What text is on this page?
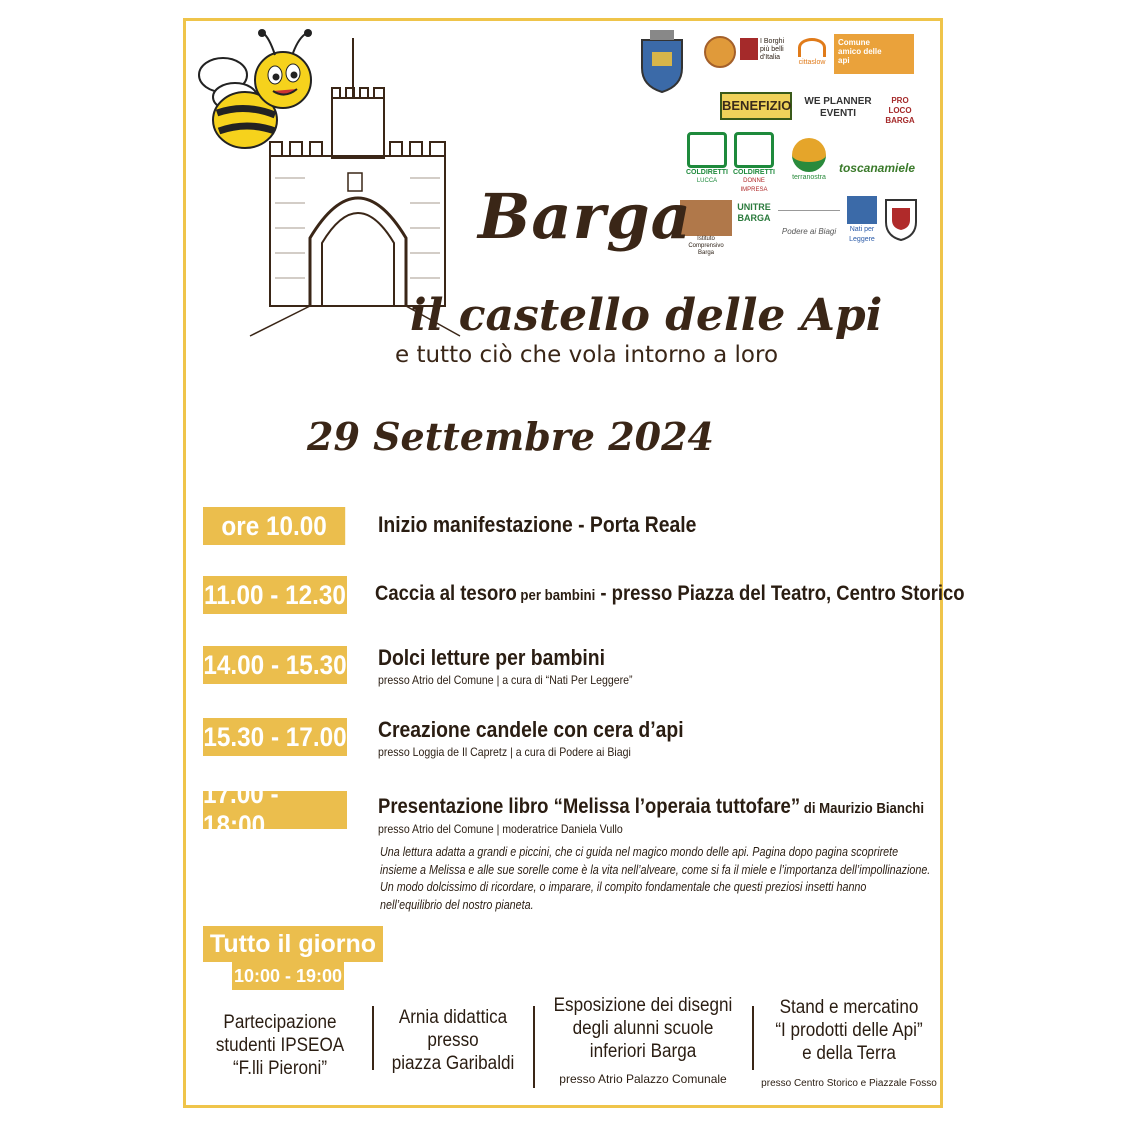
I Borghi più belli d'Italia
cittaslow
Comune amico delle api
BENEFIZIO	WE PLANNER EVENTI
PRO LOCO BARGA
COLDIRETTI
LUCCA
COLDIRETTI
DONNE IMPRESA
terranostra
toscanamiele
Istituto Comprensivo Barga
UNITRE BARGA
Podere ai Biagi	Nati per Leggere
Barga
il castello delle Api
e tutto ciò che vola intorno a loro
29 Settembre 2024
ore 10.00	Inizio manifestazione - Porta Reale
11.00 - 12.30 Caccia al tesoro per bambini - presso Piazza del Teatro, Centro Storico
14.00 - 15.30 Dolci letture per bambini
presso Atrio del Comune | a cura di “Nati Per Leggere”
15.30 - 17.00 Creazione candele con cera d’api
presso Loggia de Il Capretz | a cura di Podere ai Biagi
17.00 - 18:00
Presentazione libro “Melissa l’operaia tuttofare” di Maurizio Bianchi
presso Atrio del Comune | moderatrice Daniela Vullo
Una lettura adatta a grandi e piccini, che ci guida nel magico mondo delle api. Pagina dopo pagina scoprirete insieme a Melissa e alle sue sorelle come è la vita nell’alveare, come si fa il miele e l’importanza dell’impollinazione. Un modo dolcissimo di ricordare, o imparare, il compito fondamentale che questi preziosi insetti hanno nell’equilibrio del nostro pianeta.
Tutto il giorno
10:00 - 19:00
Partecipazione
studenti IPSEOA
“F.lli Pieroni”
Arnia didattica
presso
piazza Garibaldi
Esposizione dei disegni
degli alunni scuole
inferiori Barga
presso Atrio Palazzo Comunale
Stand e mercatino
“I prodotti delle Api”
e della Terra
presso Centro Storico e Piazzale Fosso
